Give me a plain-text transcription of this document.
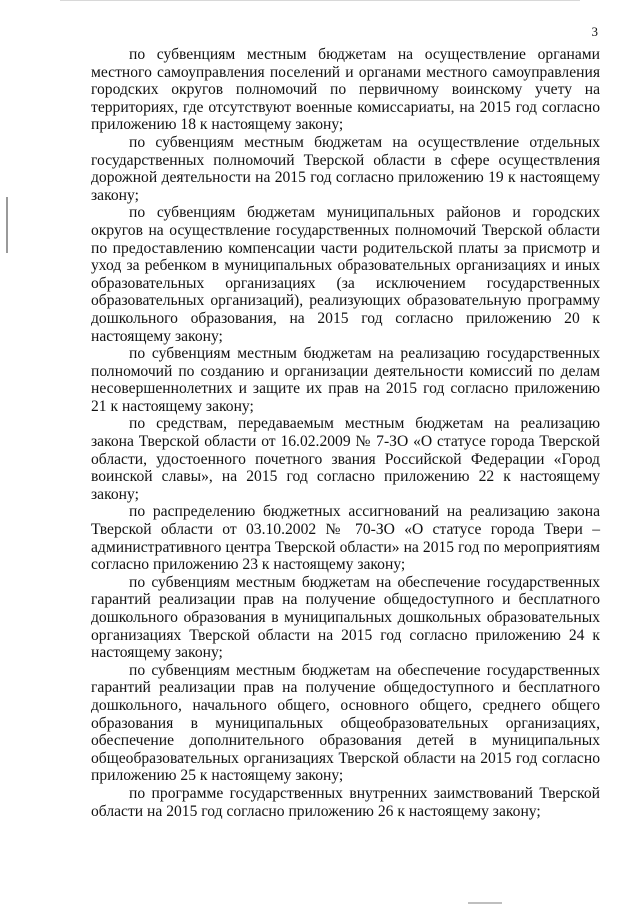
3

по субвенциям местным бюджетам на осуществление органами местного самоуправления поселений и органами местного самоуправления городских округов полномочий по первичному воинскому учету на территориях, где отсутствуют военные комиссариаты, на 2015 год согласно приложению 18 к настоящему закону;

по субвенциям местным бюджетам на осуществление отдельных государственных полномочий Тверской области в сфере осуществления дорожной деятельности на 2015 год согласно приложению 19 к настоящему закону;

по субвенциям бюджетам муниципальных районов и городских округов на осуществление государственных полномочий Тверской области по предоставлению компенсации части родительской платы за присмотр и уход за ребенком в муниципальных образовательных организациях и иных образовательных организациях (за исключением государственных образовательных организаций), реализующих образовательную программу дошкольного образования, на 2015 год согласно приложению 20 к настоящему закону;

по субвенциям местным бюджетам на реализацию государственных полномочий по созданию и организации деятельности комиссий по делам несовершеннолетних и защите их прав на 2015 год согласно приложению 21 к настоящему закону;

по средствам, передаваемым местным бюджетам на реализацию закона Тверской области от 16.02.2009 № 7-ЗО «О статусе города Тверской области, удостоенного почетного звания Российской Федерации «Город воинской славы», на 2015 год согласно приложению 22 к настоящему закону;

по распределению бюджетных ассигнований на реализацию закона Тверской области от 03.10.2002 № 70-ЗО «О статусе города Твери – административного центра Тверской области» на 2015 год по мероприятиям согласно приложению 23 к настоящему закону;

по субвенциям местным бюджетам на обеспечение государственных гарантий реализации прав на получение общедоступного и бесплатного дошкольного образования в муниципальных дошкольных образовательных организациях Тверской области на 2015 год согласно приложению 24 к настоящему закону;

по субвенциям местным бюджетам на обеспечение государственных гарантий реализации прав на получение общедоступного и бесплатного дошкольного, начального общего, основного общего, среднего общего образования в муниципальных общеобразовательных организациях, обеспечение дополнительного образования детей в муниципальных общеобразовательных организациях Тверской области на 2015 год согласно приложению 25 к настоящему закону;

по программе государственных внутренних заимствований Тверской области на 2015 год согласно приложению 26 к настоящему закону;
